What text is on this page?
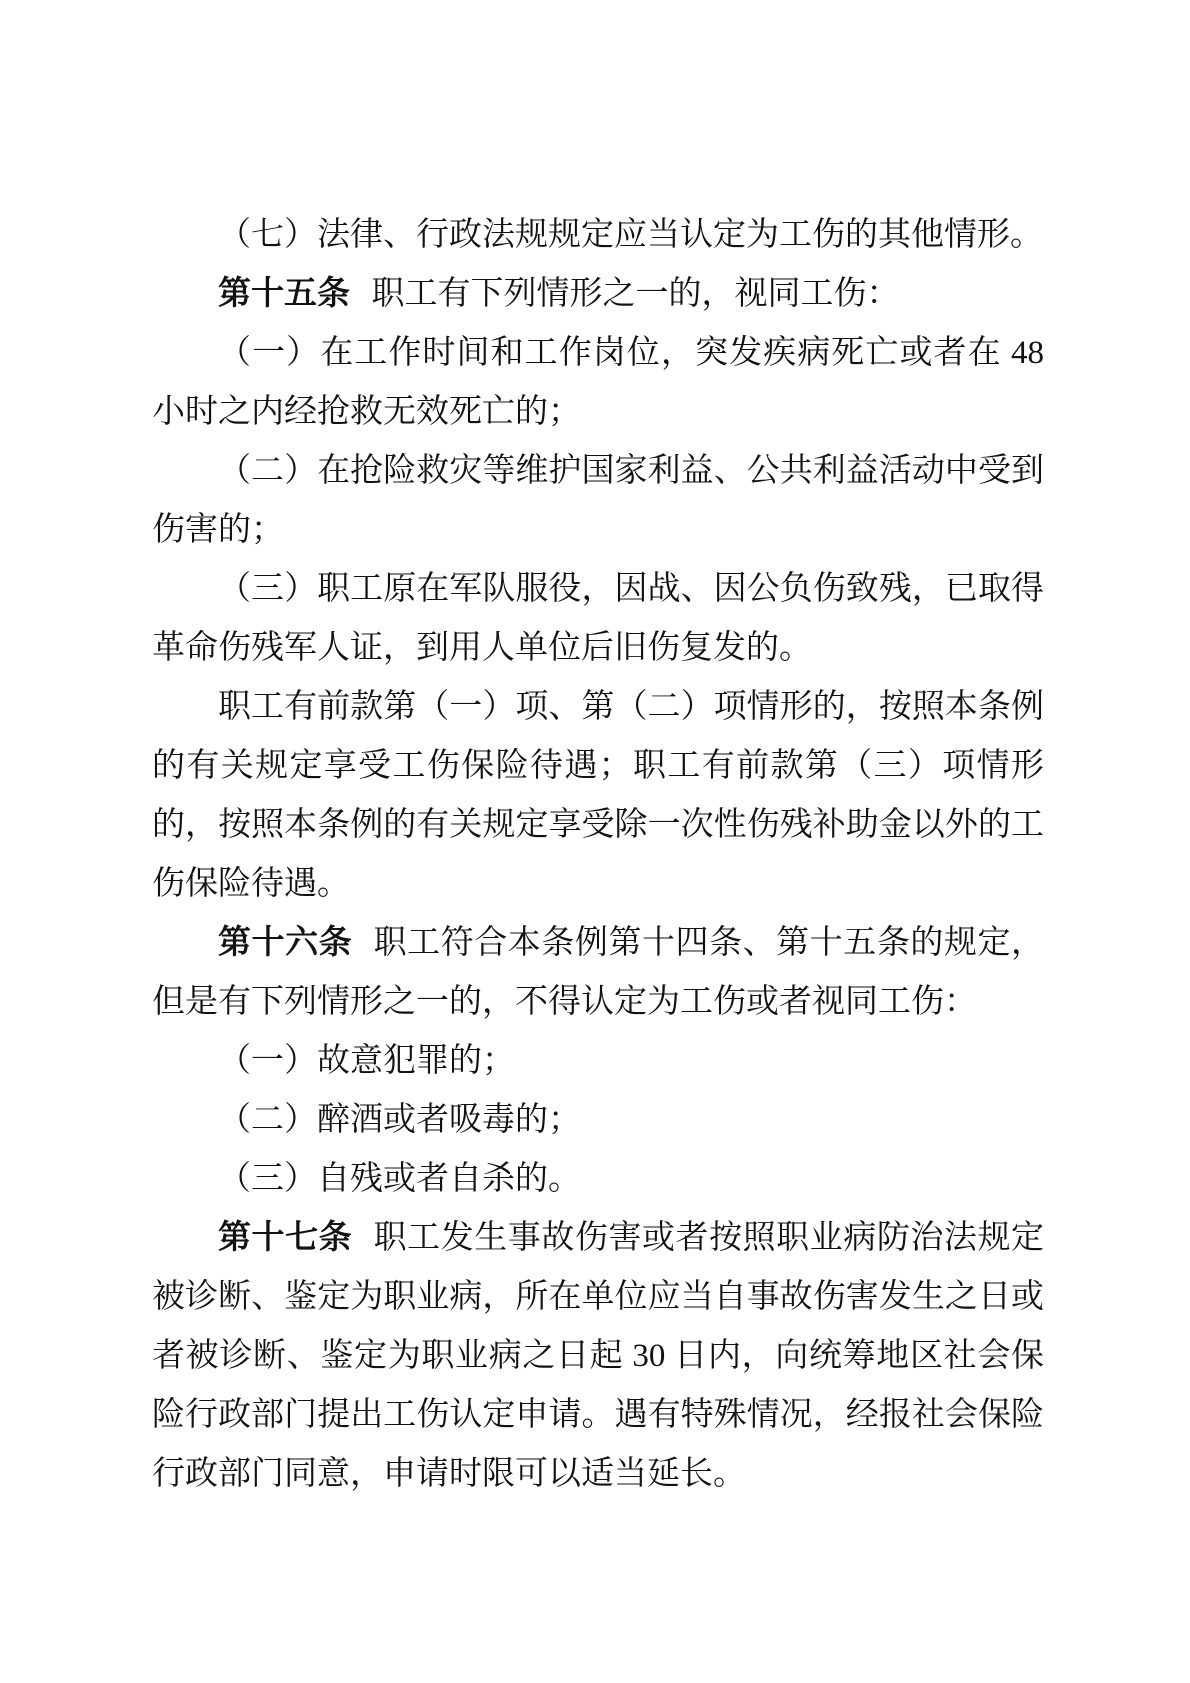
（七）法律、行政法规规定应当认定为工伤的其他情形。

第十五条 职工有下列情形之一的，视同工伤：

（一）在工作时间和工作岗位，突发疾病死亡或者在 48 小时之内经抢救无效死亡的；

（二）在抢险救灾等维护国家利益、公共利益活动中受到伤害的；

（三）职工原在军队服役，因战、因公负伤致残，已取得革命伤残军人证，到用人单位后旧伤复发的。

职工有前款第（一）项、第（二）项情形的，按照本条例的有关规定享受工伤保险待遇；职工有前款第（三）项情形的，按照本条例的有关规定享受除一次性伤残补助金以外的工伤保险待遇。

第十六条 职工符合本条例第十四条、第十五条的规定，但是有下列情形之一的，不得认定为工伤或者视同工伤：

（一）故意犯罪的；

（二）醉酒或者吸毒的；

（三）自残或者自杀的。

第十七条 职工发生事故伤害或者按照职业病防治法规定被诊断、鉴定为职业病，所在单位应当自事故伤害发生之日或者被诊断、鉴定为职业病之日起 30 日内，向统筹地区社会保险行政部门提出工伤认定申请。遇有特殊情况，经报社会保险行政部门同意，申请时限可以适当延长。
